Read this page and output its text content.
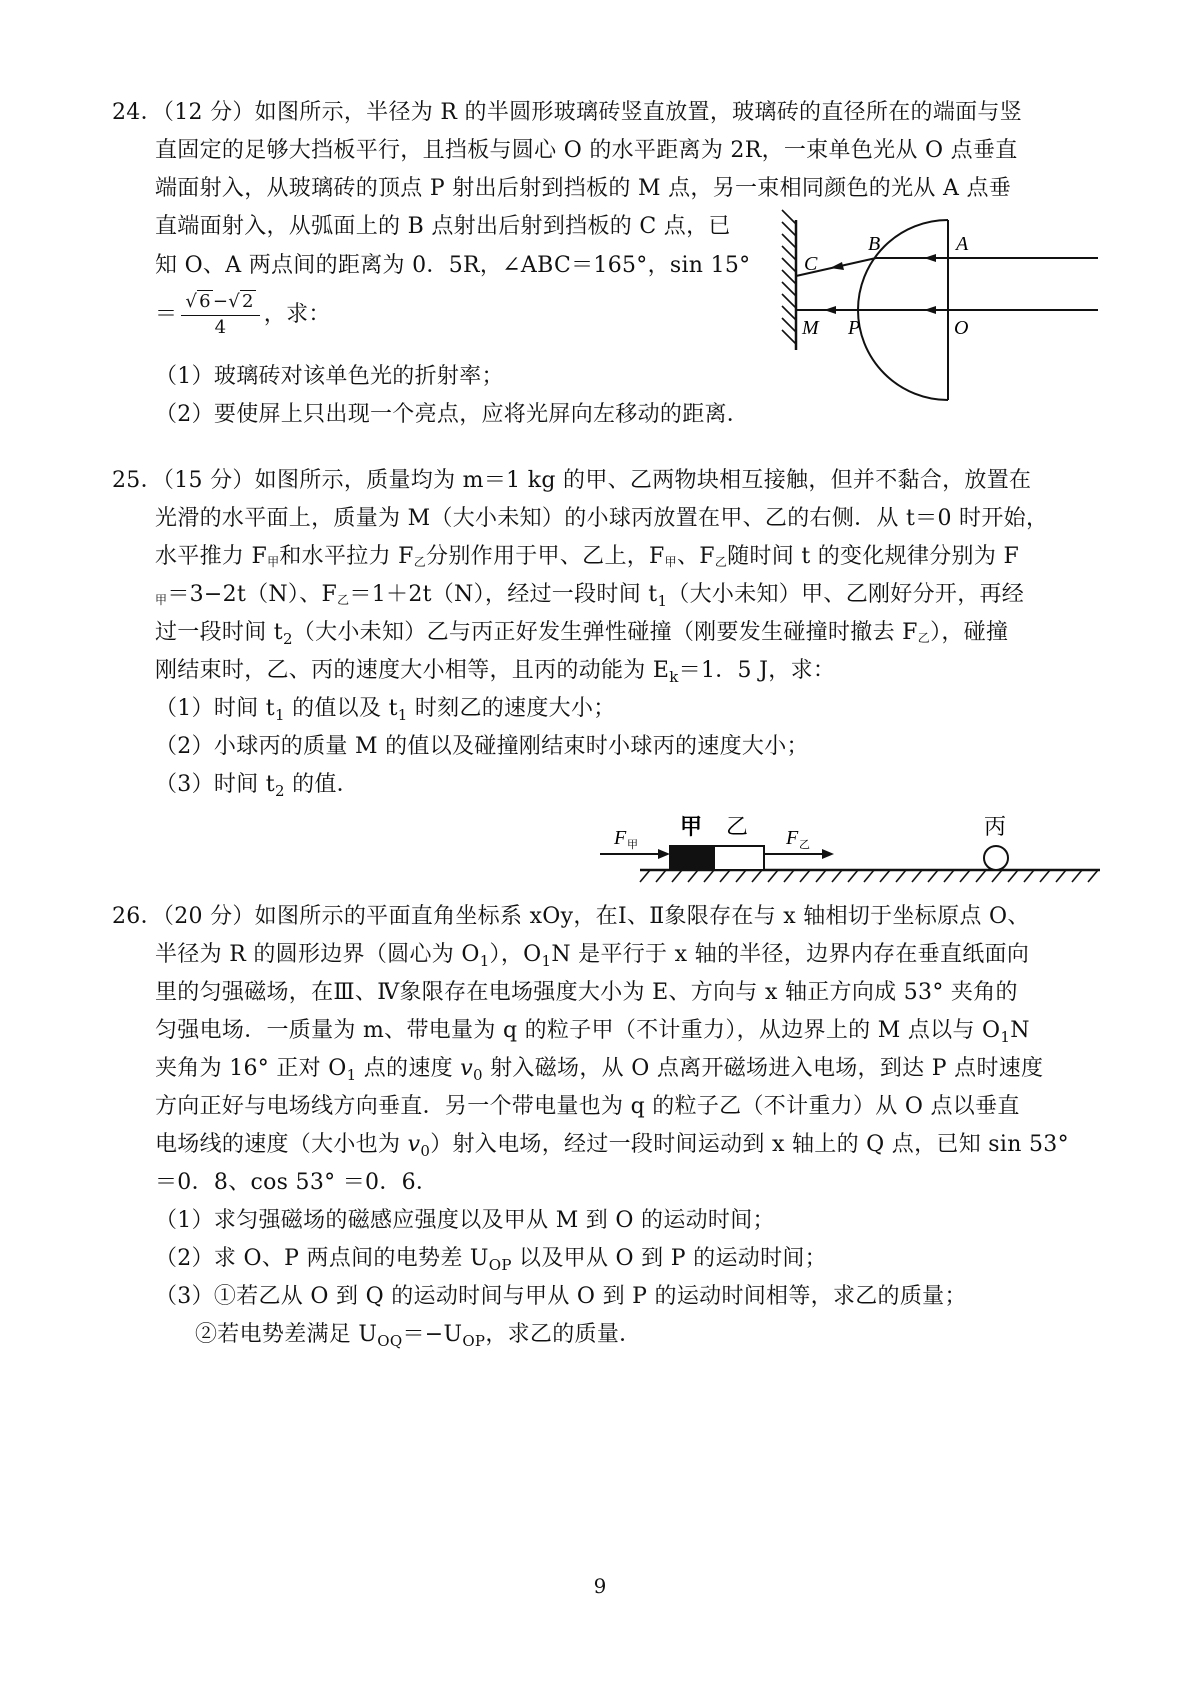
24．（12 分）如图所示，半径为 R 的半圆形玻璃砖竖直放置，玻璃砖的直径所在的端面与竖
直固定的足够大挡板平行，且挡板与圆心 O 的水平距离为 2R，一束单色光从 O 点垂直
端面射入，从玻璃砖的顶点 P 射出后射到挡板的 M 点，另一束相同颜色的光从 A 点垂
直端面射入，从弧面上的 B 点射出后射到挡板的 C 点，已
知 O、A 两点间的距离为 0．5R，∠ABC＝165°，sin 15°
＝ $\frac{√ 6 -√ 2}{4}$ ，求：
（1）玻璃砖对该单色光的折射率；
（2）要使屏上只出现一个亮点，应将光屏向左移动的距离．
B	A
C
M P	O
25．（15 分）如图所示，质量均为 m＝1 kg 的甲、乙两物块相互接触，但并不黏合，放置在
光滑的水平面上，质量为 M（大小未知）的小球丙放置在甲、乙的右侧．从 t＝0 时开始，
水平推力 F甲和水平拉力 F乙分别作用于甲、乙上，F甲、F乙随时间 t 的变化规律分别为 F
甲＝3−2t（N）、F乙＝1＋2t（N），经过一段时间 $t_1$（大小未知）甲、乙刚好分开，再经
过一段时间 $t_2$（大小未知）乙与丙正好发生弹性碰撞（刚要发生碰撞时撤去 F乙），碰撞
刚结束时，乙、丙的速度大小相等，且丙的动能为 $E_k=1$．5 J，求：
（1）时间 $t_1$ 的值以及 $t_1$ 时刻乙的速度大小；
（2）小球丙的质量 M 的值以及碰撞刚结束时小球丙的速度大小；
（3）时间 $t_2$ 的值．
F 甲
甲 乙 F 乙
丙
26．（20 分）如图所示的平面直角坐标系 xOy，在Ⅰ、Ⅱ象限存在与 x 轴相切于坐标原点 O、
半径为 R 的圆形边界（圆心为 $O_1$），$O_1N$ 是平行于 x 轴的半径，边界内存在垂直纸面向
里的匀强磁场，在Ⅲ、Ⅳ象限存在电场强度大小为 E、方向与 x 轴正方向成 53° 夹角的
匀强电场．一质量为 m、带电量为 q 的粒子甲（不计重力），从边界上的 M 点以与 $O_1N$
夹角为 16° 正对 $O_1$ 点的速度 $v_0$ 射入磁场，从 O 点离开磁场进入电场，到达 P 点时速度
方向正好与电场线方向垂直．另一个带电量也为 q 的粒子乙（不计重力）从 O 点以垂直
电场线的速度（大小也为 $v_0$）射入电场，经过一段时间运动到 x 轴上的 Q 点，已知 sin 53°
＝0．8、cos 53° ＝0．6．
（1）求匀强磁场的磁感应强度以及甲从 M 到 O 的运动时间；
（2）求 O、P 两点间的电势差 $U_{OP}$ 以及甲从 O 到 P 的运动时间；
（3）①若乙从 O 到 Q 的运动时间与甲从 O 到 P 的运动时间相等，求乙的质量；
②若电势差满足 $U_{OQ}=-U_{OP}$，求乙的质量．
9
